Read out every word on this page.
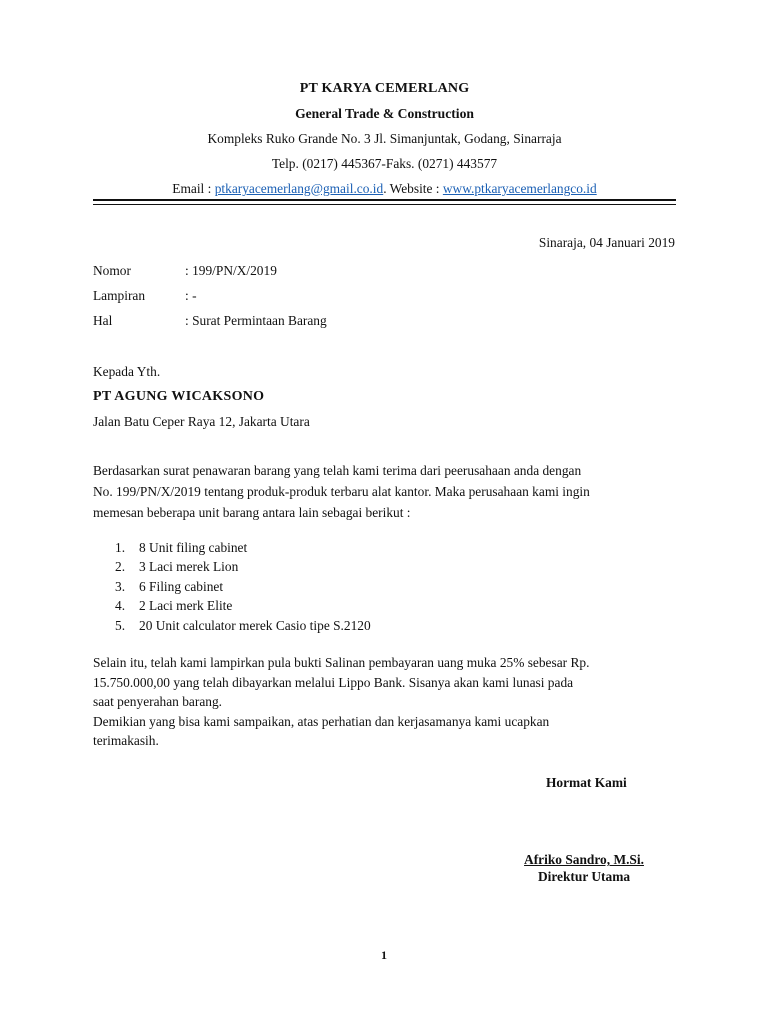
PT KARYA CEMERLANG
General Trade & Construction
Kompleks Ruko Grande No. 3 Jl. Simanjuntak, Godang, Sinarraja
Telp. (0217) 445367-Faks. (0271) 443577
Email : ptkaryacemerlang@gmail.co.id. Website : www.ptkaryacemerlangco.id
Sinaraja, 04 Januari 2019
Nomor	: 199/PN/X/2019
Lampiran	: -
Hal	: Surat Permintaan Barang
Kepada Yth.
PT AGUNG WICAKSONO
Jalan Batu Ceper Raya 12, Jakarta Utara
Berdasarkan surat penawaran barang yang telah kami terima dari peerusahaan anda dengan
No. 199/PN/X/2019 tentang produk-produk terbaru alat kantor. Maka perusahaan kami ingin
memesan beberapa unit barang antara lain sebagai berikut :
1. 8 Unit filing cabinet
2. 3 Laci merek Lion
3. 6 Filing cabinet
4. 2 Laci merk Elite
5. 20 Unit calculator merek Casio tipe S.2120
Selain itu, telah kami lampirkan pula bukti Salinan pembayaran uang muka 25% sebesar Rp.
15.750.000,00 yang telah dibayarkan melalui Lippo Bank. Sisanya akan kami lunasi pada
saat penyerahan barang.
Demikian yang bisa kami sampaikan, atas perhatian dan kerjasamanya kami ucapkan
terimakasih.
Hormat Kami
Afriko Sandro, M.Si.
Direktur Utama
1
